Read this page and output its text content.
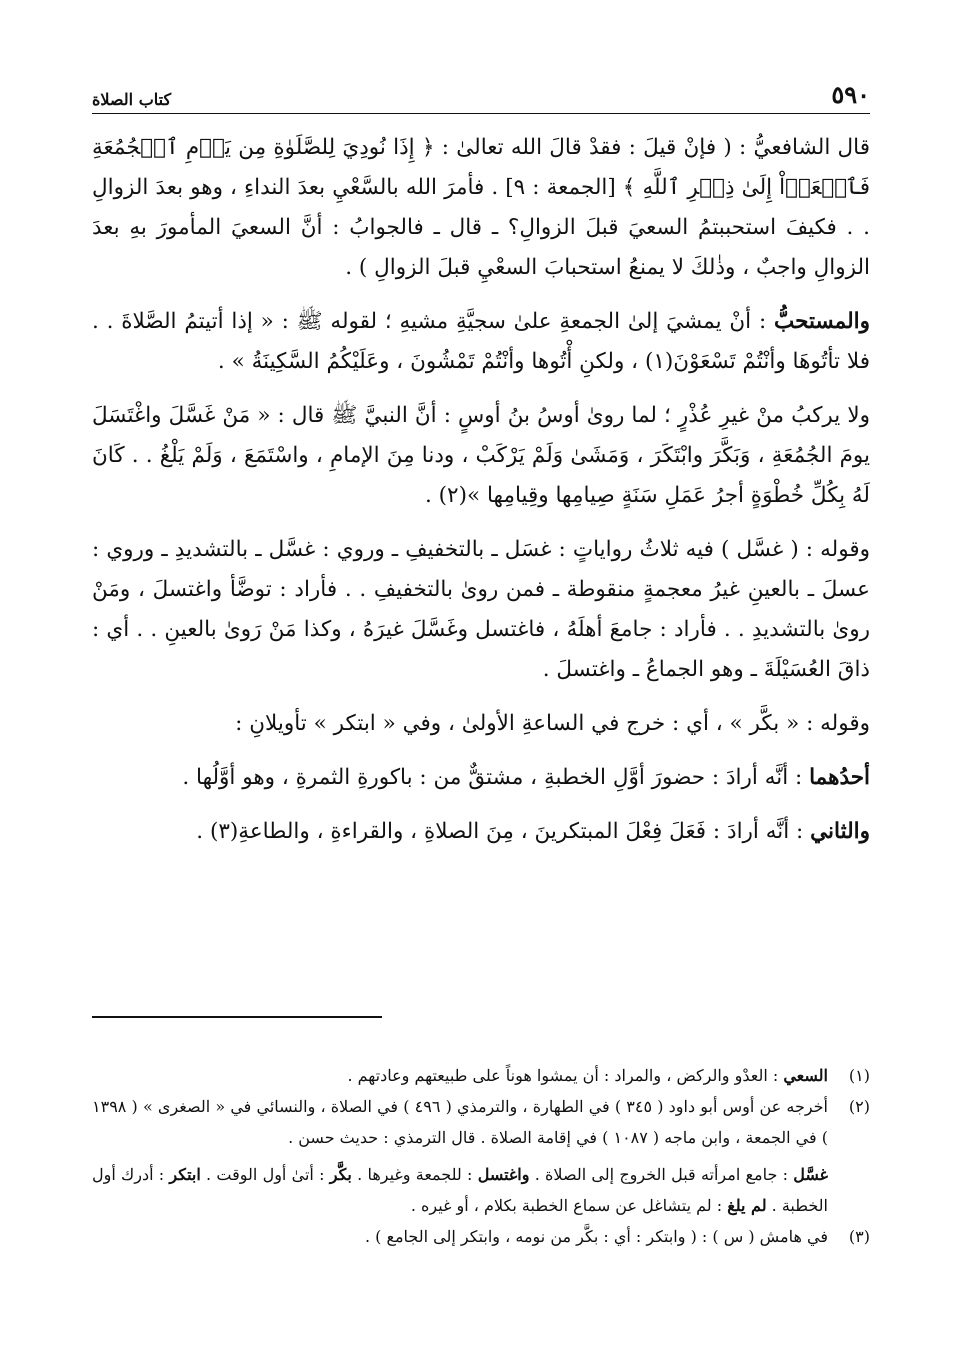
٥٩٠
كتاب الصلاة

قال الشافعيُّ : ( فإنْ قيلَ : فقدْ قالَ الله تعالىٰ : ﴿ إِذَا نُودِيَ لِلصَّلَوٰةِ مِن يَوۡمِ ٱلۡجُمُعَةِ فَٱسۡعَوۡاْ إِلَىٰ ذِكۡرِ ٱللَّهِ ﴾ [الجمعة : ٩] . فأمرَ الله بالسَّعْيِ بعدَ النداءِ ، وهو بعدَ الزوالِ . . فكيفَ استحببتمُ السعيَ قبلَ الزوالِ؟ ـ قال ـ فالجوابُ : أنَّ السعيَ المأمورَ بهِ بعدَ الزوالِ واجبٌ ، وذٰلكَ لا يمنعُ استحبابَ السعْيِ قبلَ الزوالِ ) .

والمستحبُّ : أنْ يمشيَ إلىٰ الجمعةِ علىٰ سجيَّةِ مشيهِ ؛ لقوله ﷺ : « إذا أتيتمُ الصَّلاةَ . . فلا تأتُوهَا وأنْتُمْ تَسْعَوْنَ(١) ، ولكنِ أْتُوها وأنْتُمْ تَمْشُونَ ، وعَلَيْكُمُ السَّكِينَةُ » .

ولا يركبُ منْ غيرِ عُذْرٍ ؛ لما روىٰ أوسُ بنُ أوسٍ : أنَّ النبيَّ ﷺ قال : « مَنْ غَسَّلَ واغْتَسَلَ يومَ الجُمُعَةِ ، وَبَكَّرَ وابْتَكَرَ ، وَمَشَىٰ وَلَمْ يَرْكَبْ ، ودنا مِنَ الإمامِ ، واسْتَمَعَ ، وَلَمْ يَلْغُ . . كَانَ لَهُ بِكُلِّ خُطْوَةٍ أجرُ عَمَلِ سَنَةٍ صِيامِها وقِيامِها »(٢) .

وقوله : ( غسَّل ) فيه ثلاثُ رواياتٍ : غسَل ـ بالتخفيفِ ـ وروي : غسَّل ـ بالتشديدِ ـ وروي : عسلَ ـ بالعينِ غيرُ معجمةٍ منقوطة ـ فمن روىٰ بالتخفيفِ . . فأراد : توضَّأ واغتسلَ ، ومَنْ روىٰ بالتشديدِ . . فأراد : جامعَ أهلَهُ ، فاغتسل وغَسَّلَ غيرَهُ ، وكذا مَنْ رَوىٰ بالعينِ . . أي : ذاقَ العُسَيْلَةَ ـ وهو الجماعُ ـ واغتسلَ .

وقوله : « بكَّر » ، أي : خرج في الساعةِ الأولىٰ ، وفي « ابتكر » تأويلانِ :

أحدُهما : أنَّه أرادَ : حضورَ أوَّلِ الخطبةِ ، مشتقٌّ من : باكورةِ الثمرةِ ، وهو أوَّلُها .

والثاني : أنَّه أرادَ : فَعَلَ فِعْلَ المبتكرينَ ، مِنَ الصلاةِ ، والقراءةِ ، والطاعةِ(٣) .

(١)
السعي : العدْو والركض ، والمراد : أن يمشوا هوناً على طبيعتهم وعادتهم .
(٢)
أخرجه عن أوس أبو داود ( ٣٤٥ ) في الطهارة ، والترمذي ( ٤٩٦ ) في الصلاة ، والنسائي في « الصغرى » ( ١٣٩٨ ) في الجمعة ، وابن ماجه ( ١٠٨٧ ) في إقامة الصلاة . قال الترمذي : حديث حسن .
غسَّل : جامع امرأته قبل الخروج إلى الصلاة . واغتسل : للجمعة وغيرها . بكَّر : أتىٰ أول الوقت . ابتكر : أدرك أول الخطبة . لم يلغ : لم يتشاغل عن سماع الخطبة بكلام ، أو غيره .
(٣)
في هامش ( س ) : ( وابتكر : أي : بكَّر من نومه ، وابتكر إلى الجامع ) .
